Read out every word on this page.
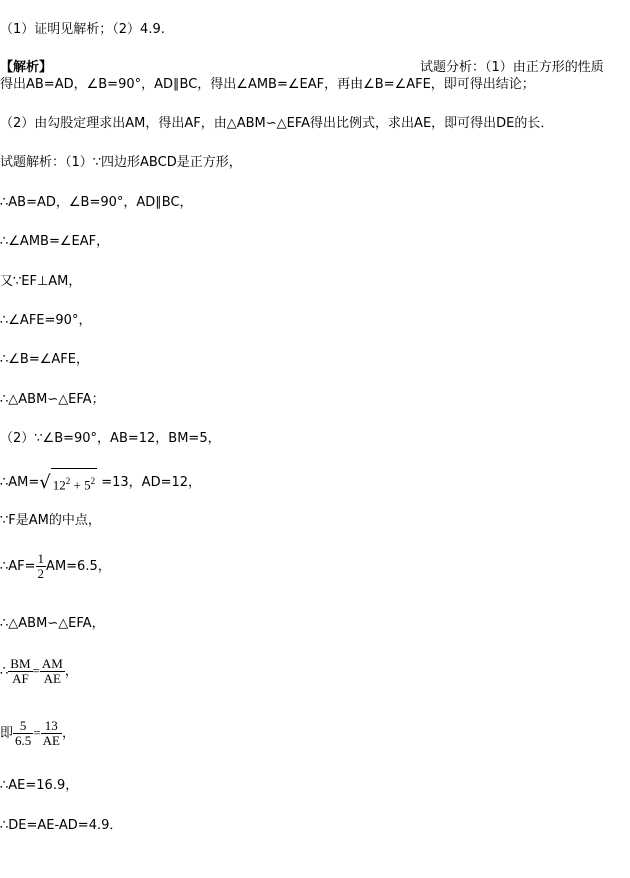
（1）证明见解析；（2）4.9.
【解析】	试题分析：（1）由正方形的性质
得出AB=AD，∠B=90°，AD∥BC，得出∠AMB=∠EAF，再由∠B=∠AFE，即可得出结论；
（2）由勾股定理求出AM，得出AF，由△ABM∽△EFA得出比例式，求出AE，即可得出DE的长．
试题解析：（1）∵四边形ABCD是正方形，
∴AB=AD，∠B=90°，AD∥BC，
∴∠AMB=∠EAF，
又∵EF⊥AM，
∴∠AFE=90°，
∴∠B=∠AFE，
∴△ABM∽△EFA；
（2）∵∠B=90°，AB=12，BM=5，
∴AM=√ $12^2 + 5^2 =13$，AD=12，
∵F是AM的中点，
∴AF= $\frac{1}{2} AM=6.5$，
∴△ABM∽△EFA，
∴ $\frac{BM}{AF} = \frac{AM}{AE}$ ，
即 $\frac{5}{6.5} = \frac{13}{AE}$ ，
∴AE=16.9，
∴DE=AE-AD=4.9．
